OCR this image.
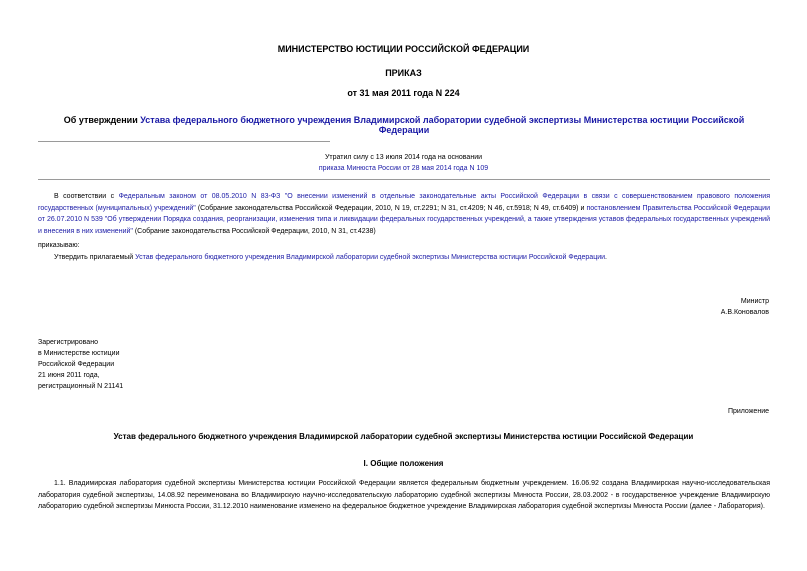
МИНИСТЕРСТВО ЮСТИЦИИ РОССИЙСКОЙ ФЕДЕРАЦИИ
ПРИКАЗ
от 31 мая 2011 года N 224
Об утверждении Устава федерального бюджетного учреждения Владимирской лаборатории судебной экспертизы Министерства юстиции Российской Федерации
Утратил силу с 13 июля 2014 года на основании
приказа Минюста России от 28 мая 2014 года N 109
В соответствии с Федеральным законом от 08.05.2010 N 83-ФЗ "О внесении изменений в отдельные законодательные акты Российской Федерации в связи с совершенствованием правового положения государственных (муниципальных) учреждений" (Собрание законодательства Российской Федерации, 2010, N 19, ст.2291; N 31, ст.4209; N 46, ст.5918; N 49, ст.6409) и постановлением Правительства Российской Федерации от 26.07.2010 N 539 "Об утверждении Порядка создания, реорганизации, изменения типа и ликвидации федеральных государственных учреждений, а также утверждения уставов федеральных государственных учреждений и внесения в них изменений" (Собрание законодательства Российской Федерации, 2010, N 31, ст.4238)
приказываю:
Утвердить прилагаемый Устав федерального бюджетного учреждения Владимирской лаборатории судебной экспертизы Министерства юстиции Российской Федерации.
Министр
А.В.Коновалов
Зарегистрировано
в Министерстве юстиции
Российской Федерации
21 июня 2011 года,
регистрационный N 21141
Приложение
Устав федерального бюджетного учреждения Владимирской лаборатории судебной экспертизы Министерства юстиции Российской Федерации
I. Общие положения
1.1. Владимирская лаборатория судебной экспертизы Министерства юстиции Российской Федерации является федеральным бюджетным учреждением. 16.06.92 создана Владимирская научно-исследовательская лаборатория судебной экспертизы, 14.08.92 переименована во Владимирскую научно-исследовательскую лабораторию судебной экспертизы Минюста России, 28.03.2002 - в государственное учреждение Владимирскую лабораторию судебной экспертизы Минюста России, 31.12.2010 наименование изменено на федеральное бюджетное учреждение Владимирская лаборатория судебной экспертизы Минюста России (далее - Лаборатория).
